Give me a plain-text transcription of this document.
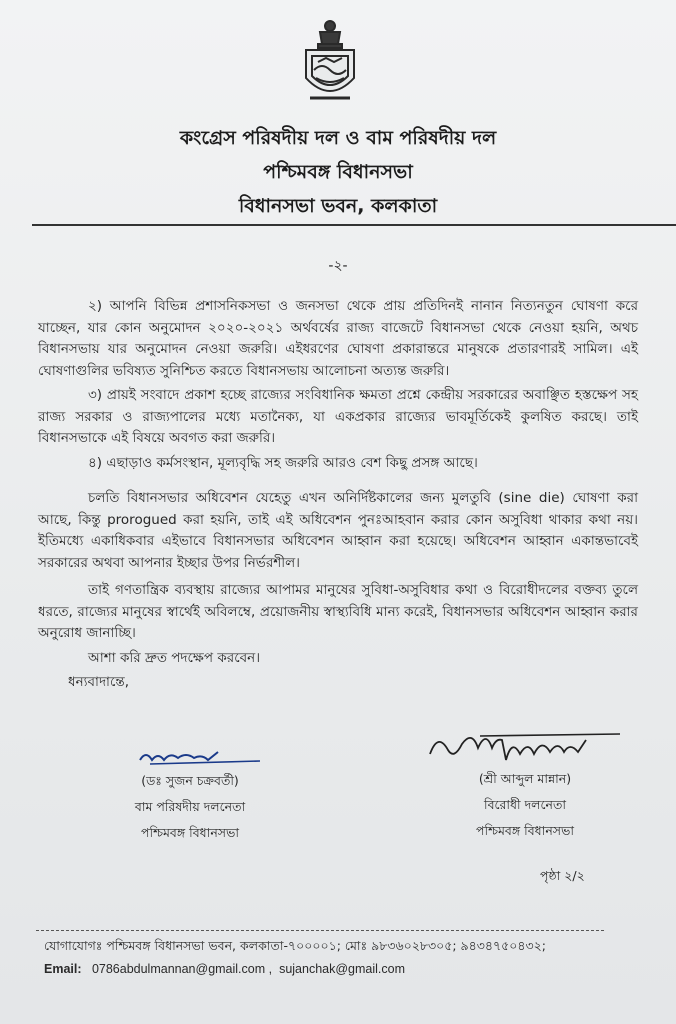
কংগ্রেস পরিষদীয় দল ও বাম পরিষদীয় দল
পশ্চিমবঙ্গ বিধানসভা
বিধানসভা ভবন, কলকাতা
-২-

২) আপনি বিভিন্ন প্রশাসনিকসভা ও জনসভা থেকে প্রায় প্রতিদিনই নানান নিত্যনতুন ঘোষণা করে যাচ্ছেন, যার কোন অনুমোদন ২০২০-২০২১ অর্থবর্ষের রাজ্য বাজেটে বিধানসভা থেকে নেওয়া হয়নি, অথচ বিধানসভায় যার অনুমোদন নেওয়া জরুরি। এইধরণের ঘোষণা প্রকারান্তরে মানুষকে প্রতারণারই সামিল। এই ঘোষণাগুলির ভবিষ্যত সুনিশ্চিত করতে বিধানসভায় আলোচনা অত্যন্ত জরুরি।

৩) প্রায়ই সংবাদে প্রকাশ হচ্ছে রাজ্যের সংবিধানিক ক্ষমতা প্রশ্নে কেন্দ্রীয় সরকারের অবাঞ্ছিত হস্তক্ষেপ সহ রাজ্য সরকার ও রাজ্যপালের মধ্যে মতানৈক্য, যা একপ্রকার রাজ্যের ভাবমূর্তিকেই কুলষিত করছে। তাই বিধানসভাকে এই বিষয়ে অবগত করা জরুরি।

৪) এছাড়াও কর্মসংস্থান, মূল্যবৃদ্ধি সহ জরুরি আরও বেশ কিছু প্রসঙ্গ আছে।

চলতি বিধানসভার অধিবেশন যেহেতু এখন অনির্দিষ্টকালের জন্য মুলতুবি (sine die) ঘোষণা করা আছে, কিন্তু prorogued করা হয়নি, তাই এই অধিবেশন পুনঃআহবান করার কোন অসুবিধা থাকার কথা নয়। ইতিমধ্যে একাধিকবার এইভাবে বিধানসভার অধিবেশন আহ্বান করা হয়েছে। অধিবেশন আহ্বান একান্তভাবেই সরকারের অথবা আপনার ইচ্ছার উপর নির্ভরশীল।

তাই গণতান্ত্রিক ব্যবস্থায় রাজ্যের আপামর মানুষের সুবিধা-অসুবিধার কথা ও বিরোধীদলের বক্তব্য তুলে ধরতে, রাজ্যের মানুষের স্বার্থেই অবিলম্বে, প্রয়োজনীয় স্বাস্থ্যবিধি মান্য করেই, বিধানসভার অধিবেশন আহ্বান করার অনুরোধ জানাচ্ছি।

আশা করি দ্রুত পদক্ষেপ করবেন।

ধন্যবাদান্তে,

(ডঃ সুজন চক্রবর্তী)
বাম পরিষদীয় দলনেতা
পশ্চিমবঙ্গ বিধানসভা
(শ্রী আব্দুল মান্নান)
বিরোধী দলনেতা
পশ্চিমবঙ্গ বিধানসভা
পৃষ্ঠা ২/২
যোগাযোগঃ পশ্চিমবঙ্গ বিধানসভা ভবন, কলকাতা-৭০০০০১; মোঃ ৯৮৩৬০২৮৩০৫; ৯৪৩৪৭৫০৪৩২;
Email: 0786abdulmannan@gmail.com , sujanchak@gmail.com
